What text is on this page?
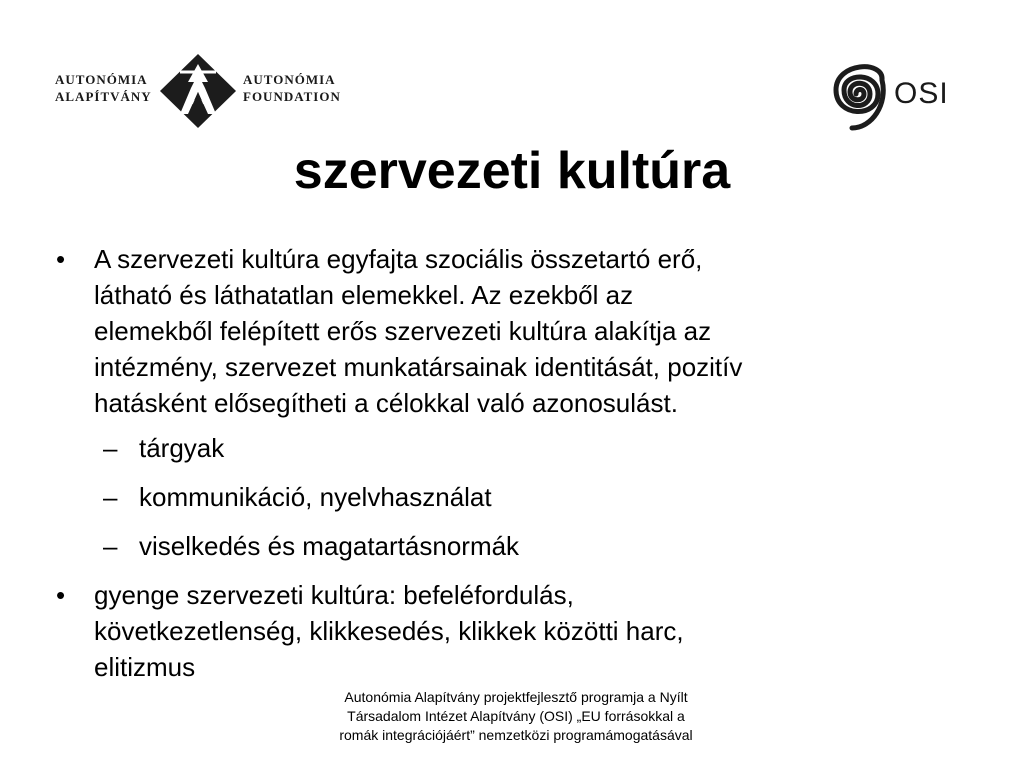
AUTONÓMIA
ALAPÍTVÁNY
AUTONÓMIA
FOUNDATION	OSI
szervezeti kultúra
• A szervezeti kultúra egyfajta szociális összetartó erő,
látható és láthatatlan elemekkel. Az ezekből az
elemekből felépített erős szervezeti kultúra alakítja az
intézmény, szervezet munkatársainak identitását, pozitív
hatásként elősegítheti a célokkal való azonosulást.
– tárgyak
– kommunikáció, nyelvhasználat
– viselkedés és magatartásnormák
• gyenge szervezeti kultúra: befeléfordulás,
következetlenség, klikkesedés, klikkek közötti harc,
elitizmus
Autonómia Alapítvány projektfejlesztő programja a Nyílt
Társadalom Intézet Alapítvány (OSI) „EU forrásokkal a
romák integrációjáért” nemzetközi programámogatásával
